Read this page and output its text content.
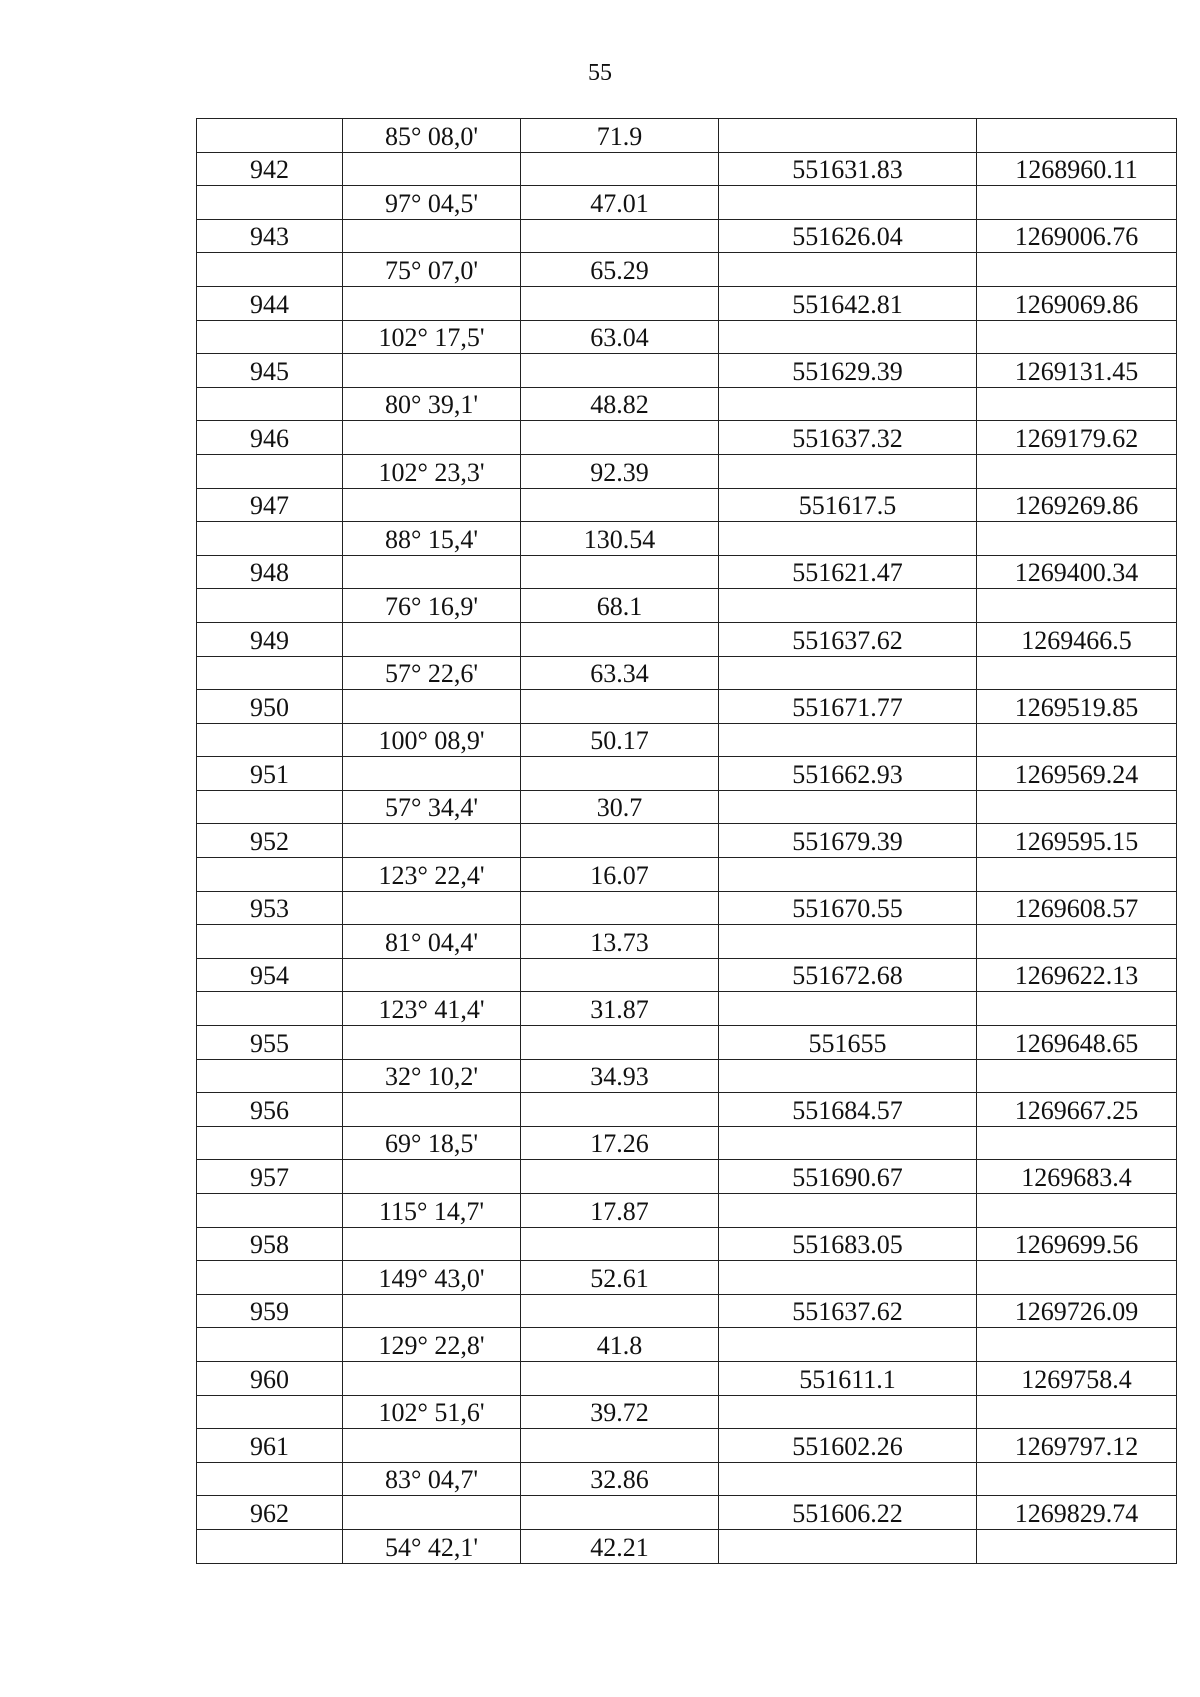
55
	85° 08,0'	71.9		
942			551631.83	1268960.11
	97° 04,5'	47.01		
943			551626.04	1269006.76
	75° 07,0'	65.29		
944			551642.81	1269069.86
	102° 17,5'	63.04		
945			551629.39	1269131.45
	80° 39,1'	48.82		
946			551637.32	1269179.62
	102° 23,3'	92.39		
947			551617.5	1269269.86
	88° 15,4'	130.54		
948			551621.47	1269400.34
	76° 16,9'	68.1		
949			551637.62	1269466.5
	57° 22,6'	63.34		
950			551671.77	1269519.85
	100° 08,9'	50.17		
951			551662.93	1269569.24
	57° 34,4'	30.7		
952			551679.39	1269595.15
	123° 22,4'	16.07		
953			551670.55	1269608.57
	81° 04,4'	13.73		
954			551672.68	1269622.13
	123° 41,4'	31.87		
955			551655	1269648.65
	32° 10,2'	34.93		
956			551684.57	1269667.25
	69° 18,5'	17.26		
957			551690.67	1269683.4
	115° 14,7'	17.87		
958			551683.05	1269699.56
	149° 43,0'	52.61		
959			551637.62	1269726.09
	129° 22,8'	41.8		
960			551611.1	1269758.4
	102° 51,6'	39.72		
961			551602.26	1269797.12
	83° 04,7'	32.86		
962			551606.22	1269829.74
	54° 42,1'	42.21		
